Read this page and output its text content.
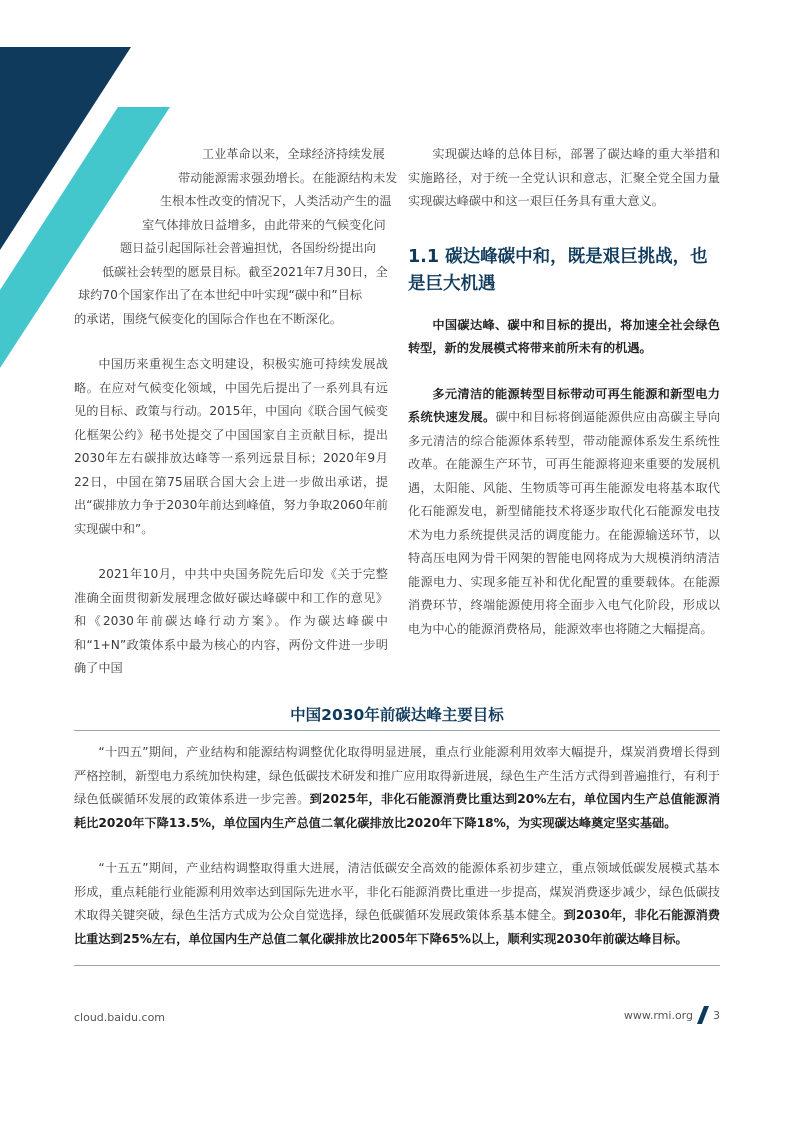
工业革命以来，全球经济持续发展
带动能源需求强劲增长。在能源结构未发
生根本性改变的情况下，人类活动产生的温
室气体排放日益增多，由此带来的气候变化问
题日益引起国际社会普遍担忧，各国纷纷提出向
低碳社会转型的愿景目标。截至2021年7月30日，全
球约70个国家作出了在本世纪中叶实现“碳中和”目标
的承诺，围绕气候变化的国际合作也在不断深化。

中国历来重视生态文明建设，积极实施可持续发展战略。在应对气候变化领域，中国先后提出了一系列具有远见的目标、政策与行动。2015年，中国向《联合国气候变化框架公约》秘书处提交了中国国家自主贡献目标，提出2030年左右碳排放达峰等一系列远景目标；2020年9月22日，中国在第75届联合国大会上进一步做出承诺，提出“碳排放力争于2030年前达到峰值，努力争取2060年前实现碳中和”。

2021年10月，中共中央国务院先后印发《关于完整准确全面贯彻新发展理念做好碳达峰碳中和工作的意见》和《2030年前碳达峰行动方案》。作为碳达峰碳中和“1+N”政策体系中最为核心的内容，两份文件进一步明确了中国

实现碳达峰的总体目标，部署了碳达峰的重大举措和实施路径，对于统一全党认识和意志，汇聚全党全国力量实现碳达峰碳中和这一艰巨任务具有重大意义。

1.1 碳达峰碳中和，既是艰巨挑战，也是巨大机遇

中国碳达峰、碳中和目标的提出，将加速全社会绿色转型，新的发展模式将带来前所未有的机遇。

多元清洁的能源转型目标带动可再生能源和新型电力系统快速发展。碳中和目标将倒逼能源供应由高碳主导向多元清洁的综合能源体系转型，带动能源体系发生系统性改革。在能源生产环节，可再生能源将迎来重要的发展机遇，太阳能、风能、生物质等可再生能源发电将基本取代化石能源发电，新型储能技术将逐步取代化石能源发电技术为电力系统提供灵活的调度能力。在能源输送环节，以特高压电网为骨干网架的智能电网将成为大规模消纳清洁能源电力、实现多能互补和优化配置的重要载体。在能源消费环节，终端能源使用将全面步入电气化阶段，形成以电为中心的能源消费格局，能源效率也将随之大幅提高。

中国2030年前碳达峰主要目标

“十四五”期间，产业结构和能源结构调整优化取得明显进展，重点行业能源利用效率大幅提升，煤炭消费增长得到严格控制，新型电力系统加快构建，绿色低碳技术研发和推广应用取得新进展，绿色生产生活方式得到普遍推行，有利于绿色低碳循环发展的政策体系进一步完善。到2025年，非化石能源消费比重达到20%左右，单位国内生产总值能源消耗比2020年下降13.5%，单位国内生产总值二氧化碳排放比2020年下降18%，为实现碳达峰奠定坚实基础。

“十五五”期间，产业结构调整取得重大进展，清洁低碳安全高效的能源体系初步建立，重点领域低碳发展模式基本形成，重点耗能行业能源利用效率达到国际先进水平，非化石能源消费比重进一步提高，煤炭消费逐步减少，绿色低碳技术取得关键突破，绿色生活方式成为公众自觉选择，绿色低碳循环发展政策体系基本健全。到2030年，非化石能源消费比重达到25%左右，单位国内生产总值二氧化碳排放比2005年下降65%以上，顺利实现2030年前碳达峰目标。

cloud.baidu.com	www.rmi.org 3
